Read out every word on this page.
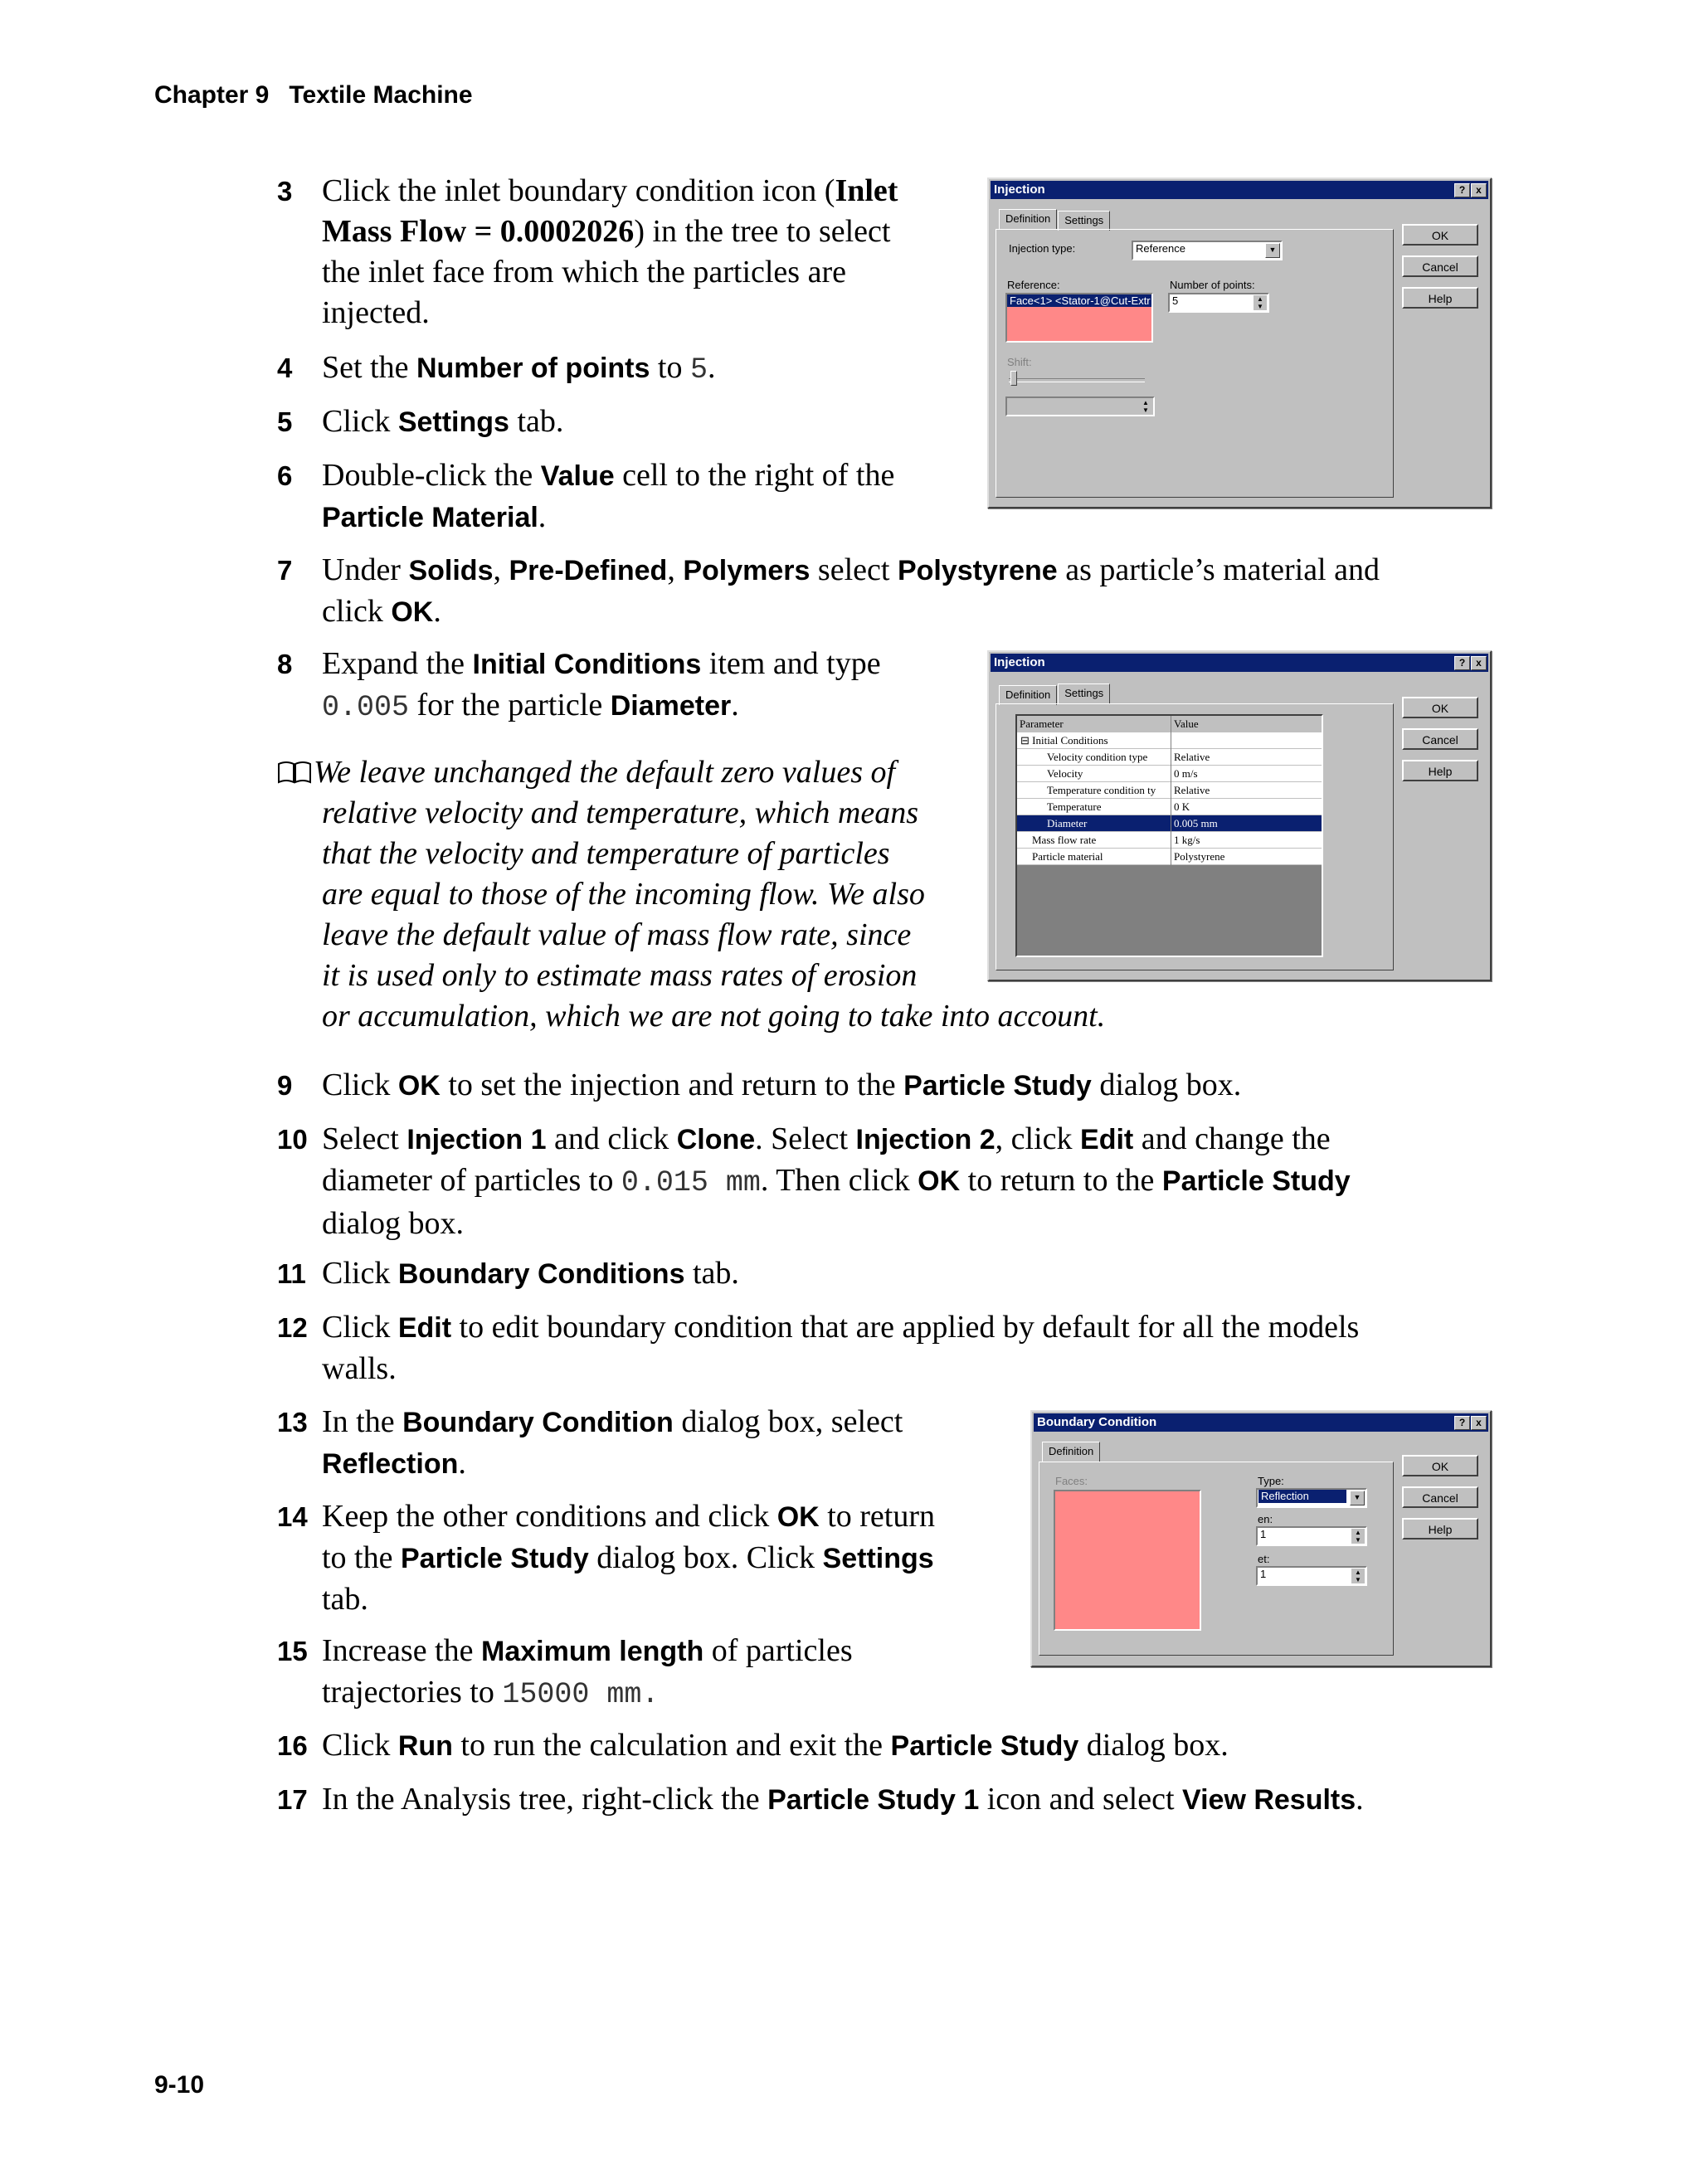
Chapter 9 Textile Machine
3 Click the inlet boundary condition icon (Inlet Mass Flow = 0.0002026) in the tree to select
the inlet face from which the particles are
injected.
4 Set the Number of points to 5.
5 Click Settings tab.
6 Double-click the Value cell to the right of the
Particle Material.
7 Under Solids, Pre-Defined, Polymers select Polystyrene as particle’s material and
click OK.
8 Expand the Initial Conditions item and type
0.005 for the particle Diameter.
We leave unchanged the default zero values of
relative velocity and temperature, which means
that the velocity and temperature of particles
are equal to those of the incoming flow. We also
leave the default value of mass flow rate, since
it is used only to estimate mass rates of erosion
or accumulation, which we are not going to take into account.
9 Click OK to set the injection and return to the Particle Study dialog box.
10 Select Injection 1 and click Clone. Select Injection 2, click Edit and change the
diameter of particles to 0.015 mm. Then click OK to return to the Particle Study
dialog box.
11 Click Boundary Conditions tab.
12 Click Edit to edit boundary condition that are applied by default for all the models
walls.
13 In the Boundary Condition dialog box, select
Reflection.
14 Keep the other conditions and click OK to return
to the Particle Study dialog box. Click Settings
tab.
15 Increase the Maximum length of particles
trajectories to 15000 mm.
16 Click Run to run the calculation and exit the Particle Study dialog box.
17 In the Analysis tree, right-click the Particle Study 1 icon and select View Results.
Injection	?	x
Definition	Settings
Injection type:	Reference	▼
Reference:
Face<1> <Stator-1@Cut-Extr
Number of points:
5	▲
▼
Shift:
▲
▼
OK
Cancel
Help
Injection	?	x
Definition	Settings
OK
Cancel
Help
Parameter	Value
⊟ Initial Conditions
Velocity condition type	Relative
Velocity	0 m/s
Temperature condition ty	Relative
Temperature	0 K
Diameter	0.005 mm
Mass flow rate	1 kg/s
Particle material	Polystyrene
Boundary Condition	?	x
Definition
Faces:	Type:
Reflection	▼
en:
1	▲
▼
et:
1	▲
▼
OK
Cancel
Help
9-10
